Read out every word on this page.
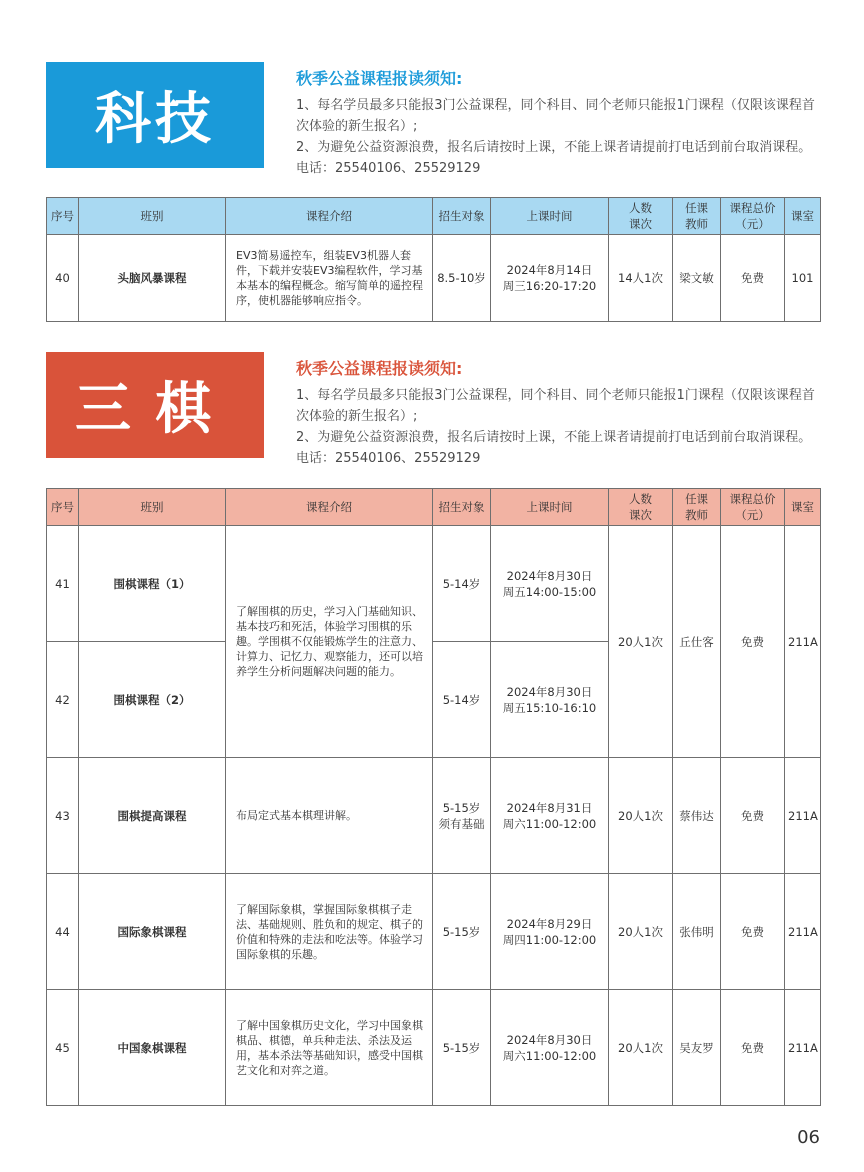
科技
秋季公益课程报读须知:

1、每名学员最多只能报3门公益课程，同个科目、同个老师只能报1门课程（仅限该课程首次体验的新生报名）;

2、为避免公益资源浪费，报名后请按时上课，不能上课者请提前打电话到前台取消课程。电话：25540106、25529129

序号	班别	课程介绍	招生对象	上课时间	人数
课次	任课
教师	课程总价
（元）	课室
40	头脑风暴课程	EV3简易遥控车，组装EV3机器人套件，下载并安装EV3编程软件，学习基本基本的编程概念。缩写简单的遥控程序，使机器能够响应指令。	8.5-10岁	2024年8月14日
周三16:20-17:20	14人1次	梁文敏	免费	101
三棋
秋季公益课程报读须知:

1、每名学员最多只能报3门公益课程，同个科目、同个老师只能报1门课程（仅限该课程首次体验的新生报名）;

2、为避免公益资源浪费，报名后请按时上课，不能上课者请提前打电话到前台取消课程。电话：25540106、25529129

序号	班别	课程介绍	招生对象	上课时间	人数
课次	任课
教师	课程总价
（元）	课室
41	围棋课程（1）	了解围棋的历史，学习入门基础知识、基本技巧和死活，体验学习围棋的乐趣。学围棋不仅能锻炼学生的注意力、计算力、记忆力、观察能力，还可以培养学生分析问题解决问题的能力。	5-14岁	2024年8月30日
周五14:00-15:00	20人1次	丘仕客	免费	211A
42	围棋课程（2）		5-14岁	2024年8月30日
周五15:10-16:10				
43	围棋提高课程	布局定式基本棋理讲解。	5-15岁
须有基础	2024年8月31日
周六11:00-12:00	20人1次	蔡伟达	免费	211A
44	国际象棋课程	了解国际象棋，掌握国际象棋棋子走法、基础规则、胜负和的规定、棋子的价值和特殊的走法和吃法等。体验学习国际象棋的乐趣。	5-15岁	2024年8月29日
周四11:00-12:00	20人1次	张伟明	免费	211A
45	中国象棋课程	了解中国象棋历史文化，学习中国象棋棋品、棋德，单兵种走法、杀法及运用，基本杀法等基础知识，感受中国棋艺文化和对弈之道。	5-15岁	2024年8月30日
周六11:00-12:00	20人1次	吴友罗	免费	211A
06
